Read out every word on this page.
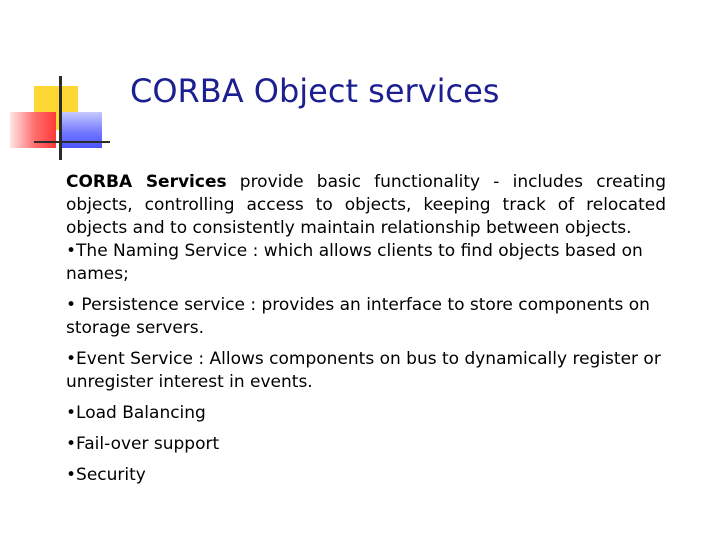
CORBA Object services

CORBA Services provide basic functionality - includes creating objects, controlling access to objects, keeping track of relocated objects and to consistently maintain relationship between objects.

•The Naming Service : which allows clients to find objects based on names;

• Persistence service : provides an interface to store components on storage servers.

•Event Service : Allows components on bus to dynamically register or unregister interest in events.

•Load Balancing

•Fail-over support

•Security
